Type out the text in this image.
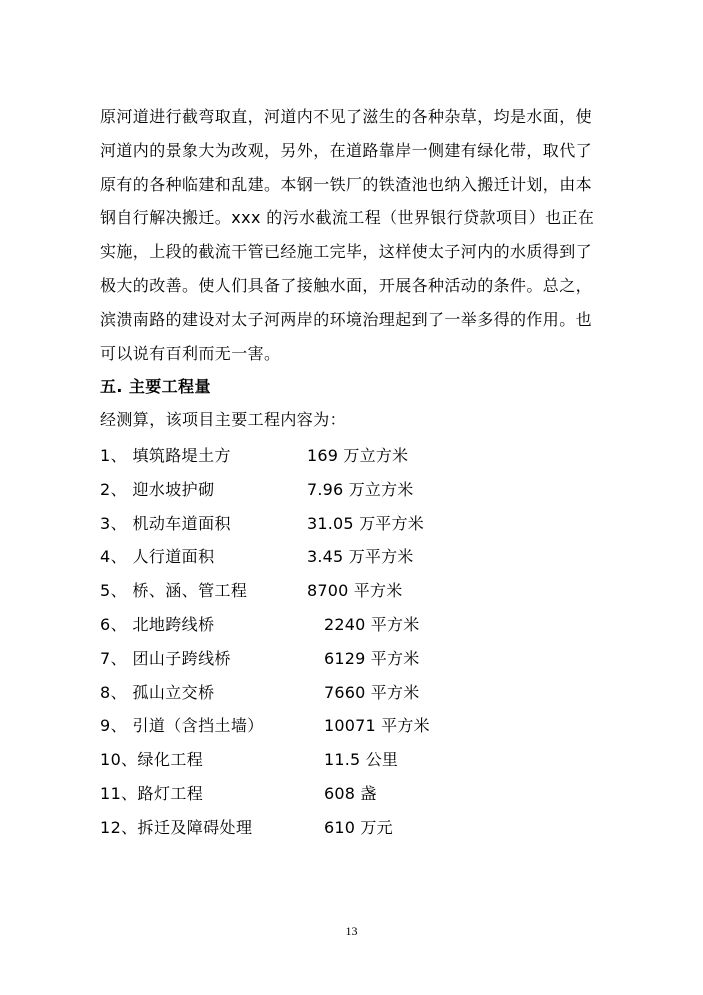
原河道进行截弯取直，河道内不见了滋生的各种杂草，均是水面，使
河道内的景象大为改观，另外，在道路靠岸一侧建有绿化带，取代了
原有的各种临建和乱建。本钢一铁厂的铁渣池也纳入搬迁计划，由本
钢自行解决搬迁。xxx 的污水截流工程（世界银行贷款项目）也正在
实施，上段的截流干管已经施工完毕，这样使太子河内的水质得到了
极大的改善。使人们具备了接触水面，开展各种活动的条件。总之，
滨溃南路的建设对太子河两岸的环境治理起到了一举多得的作用。也
可以说有百利而无一害。
五. 主要工程量
经测算，该项目主要工程内容为：
1、 填筑路堤土方	169 万立方米
2、 迎水坡护砌	7.96 万立方米
3、 机动车道面积	31.05 万平方米
4、 人行道面积	3.45 万平方米
5、 桥、涵、管工程	8700 平方米
6、 北地跨线桥	2240 平方米
7、 团山子跨线桥	6129 平方米
8、 孤山立交桥	7660 平方米
9、 引道（含挡土墙）	10071 平方米
10、绿化工程	11.5 公里
11、路灯工程	608 盏
12、拆迁及障碍处理	610 万元
13
